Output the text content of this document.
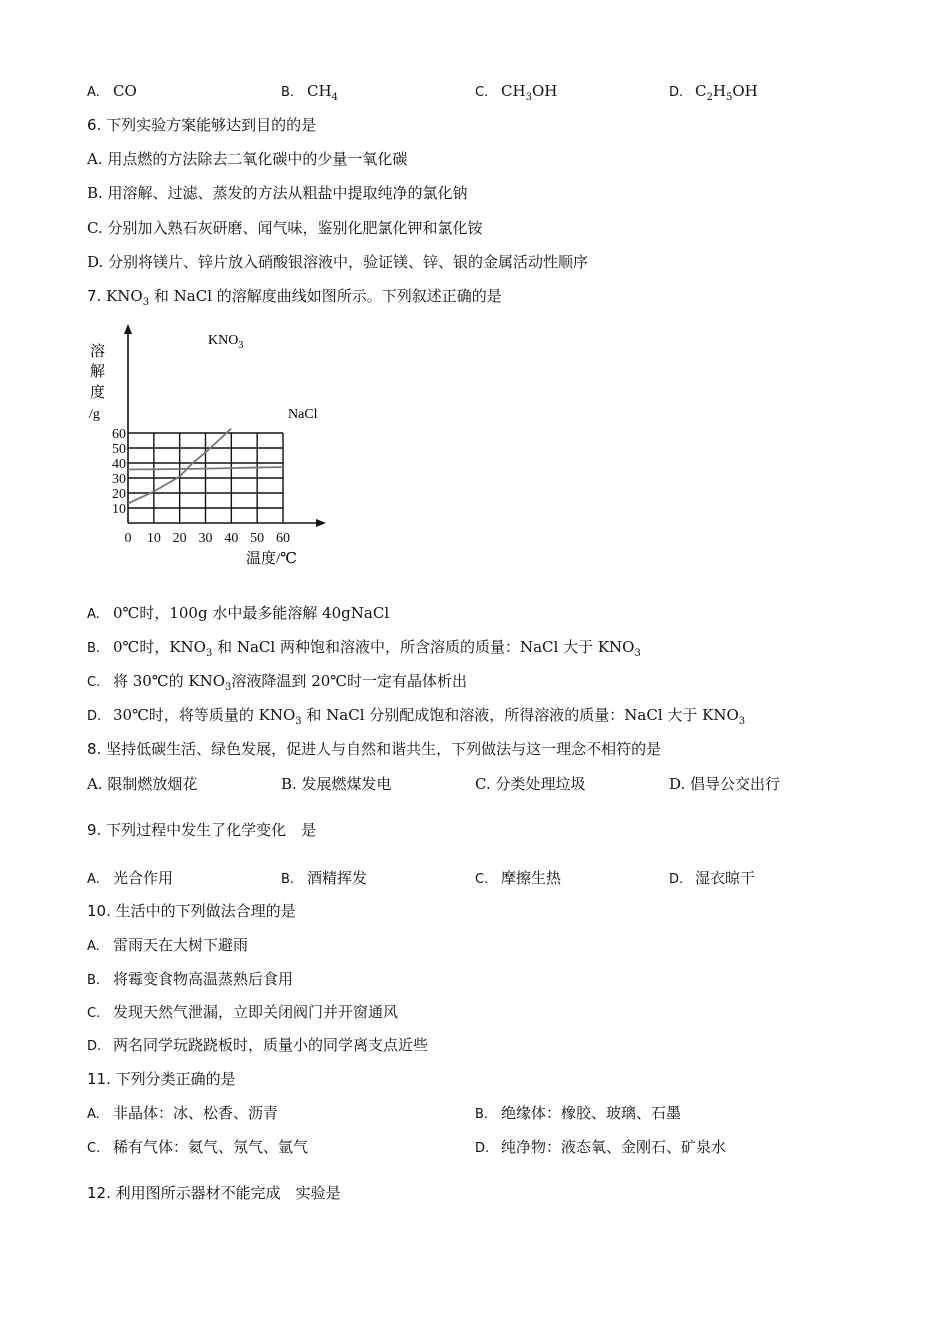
A. CO	B. $CH_4$	C. $CH_3OH$	D. $C_2H_5OH$
6. 下列实验方案能够达到目的的是
A. 用点燃的方法除去二氧化碳中的少量一氧化碳
B. 用溶解、过滤、蒸发的方法从粗盐中提取纯净的氯化钠
C. 分别加入熟石灰研磨、闻气味，鉴别化肥氯化钾和氯化铵
D. 分别将镁片、锌片放入硝酸银溶液中，验证镁、锌、银的金属活动性顺序
7. $KNO_3$ 和 NaCl 的溶解度曲线如图所示。下列叙述正确的是
0 10 20 30 40 50 60
10
20
30
40
50
60
溶
解
度
/g
温度/℃
$KNO_3$
NaCl
A. 0℃时，100g 水中最多能溶解 40gNaCl
B. 0℃时，$KNO_3$ 和 NaCl 两种饱和溶液中，所含溶质的质量：NaCl 大于 $KNO_3$
C. 将 30℃的 $KNO_3$溶液降温到 20℃时一定有晶体析出
D. 30℃时，将等质量的 $KNO_3$ 和 NaCl 分别配成饱和溶液，所得溶液的质量：NaCl 大于 $KNO_3$
8. 坚持低碳生活、绿色发展，促进人与自然和谐共生，下列做法与这一理念不相符的是
A. 限制燃放烟花	B. 发展燃煤发电	C. 分类处理垃圾	D. 倡导公交出行
9. 下列过程中发生了化学变化　是
A. 光合作用	B. 酒精挥发	C. 摩擦生热	D. 湿衣晾干
10. 生活中的下列做法合理的是
A. 雷雨天在大树下避雨
B. 将霉变食物高温蒸熟后食用
C. 发现天然气泄漏，立即关闭阀门并开窗通风
D. 两名同学玩跷跷板时，质量小的同学离支点近些
11. 下列分类正确的是
A. 非晶体：冰、松香、沥青	B. 绝缘体：橡胶、玻璃、石墨
C. 稀有气体：氦气、氖气、氩气	D. 纯净物：液态氧、金刚石、矿泉水
12. 利用图所示器材不能完成　实验是
